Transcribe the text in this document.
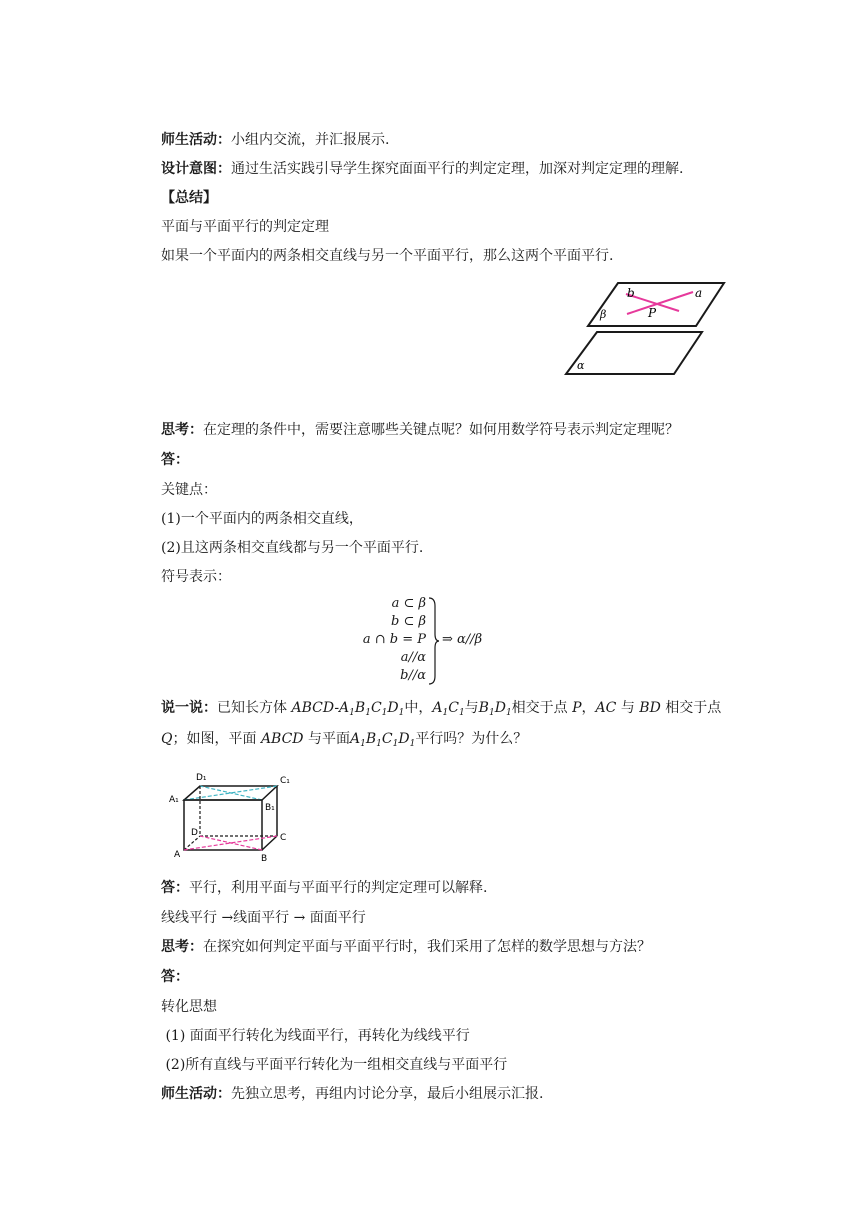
师生活动：小组内交流，并汇报展示.
设计意图：通过生活实践引导学生探究面面平行的判定定理，加深对判定定理的理解.
【总结】
平面与平面平行的判定定理
如果一个平面内的两条相交直线与另一个平面平行，那么这两个平面平行.
b	a
β	P
α
思考：在定理的条件中，需要注意哪些关键点呢？如何用数学符号表示判定定理呢？
答：
关键点：
(1)一个平面内的两条相交直线，
(2)且这两条相交直线都与另一个平面平行.
符号表示：
a ⊂ β
b ⊂ β
a ∩ b = P
a//α
b//α
⇒ α//β
说一说：已知长方体 ABCD-$A_1B_1C_1D_1$中，$A_1C_1$与$B_1D_1$相交于点 P，AC 与 BD 相交于点
Q；如图，平面 ABCD 与平面$A_1B_1C_1D_1$平行吗？为什么？
D₁	C₁
A₁
B₁
D	C
A	B
答：平行，利用平面与平面平行的判定定理可以解释.
线线平行 →线面平行 → 面面平行
思考：在探究如何判定平面与平面平行时，我们采用了怎样的数学思想与方法？
答：
转化思想
(1) 面面平行转化为线面平行，再转化为线线平行
(2)所有直线与平面平行转化为一组相交直线与平面平行
师生活动：先独立思考，再组内讨论分享，最后小组展示汇报.
